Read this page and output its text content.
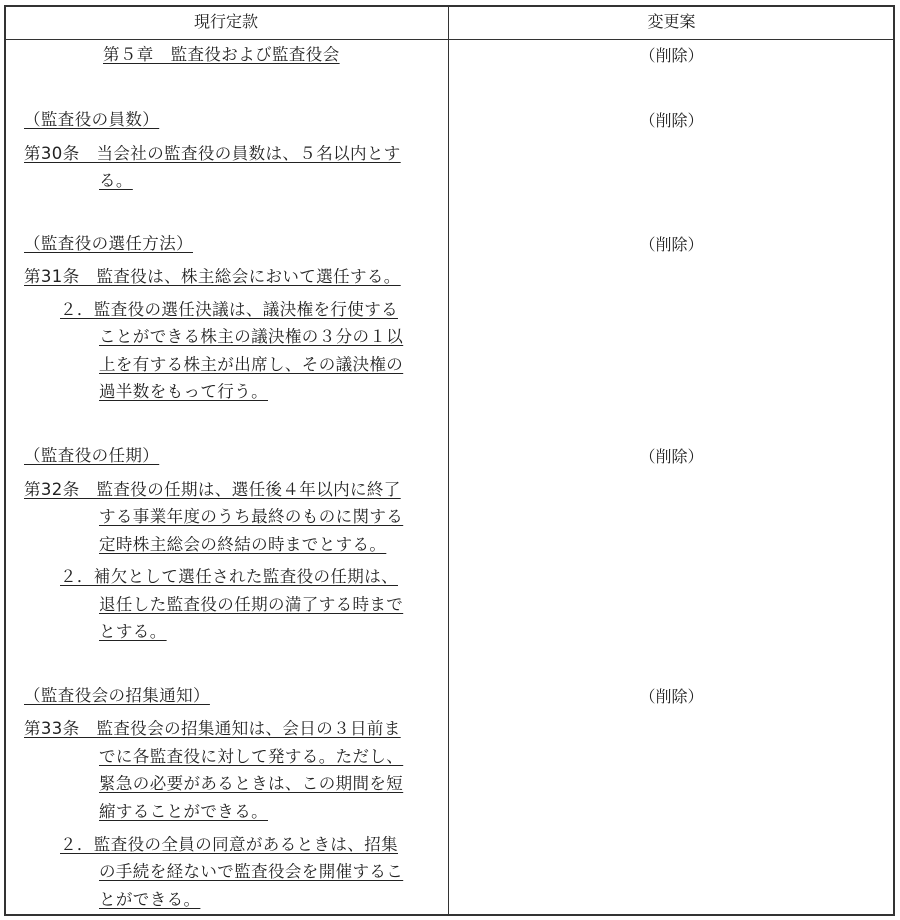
現行定款	変更案
第５章　監査役および監査役会	（削除）
（監査役の員数）
第30条　当会社の監査役の員数は、５名以内とす
る。
（削除）
（監査役の選任方法）
第31条　監査役は、株主総会において選任する。
２．監査役の選任決議は、議決権を行使する
ことができる株主の議決権の３分の１以
上を有する株主が出席し、その議決権の
過半数をもって行う。
（削除）
（監査役の任期）
第32条　監査役の任期は、選任後４年以内に終了
する事業年度のうち最終のものに関する
定時株主総会の終結の時までとする。
２．補欠として選任された監査役の任期は、
退任した監査役の任期の満了する時まで
とする。
（削除）
（監査役会の招集通知）
第33条　監査役会の招集通知は、会日の３日前ま
でに各監査役に対して発する。ただし、
緊急の必要があるときは、この期間を短
縮することができる。
２．監査役の全員の同意があるときは、招集
の手続を経ないで監査役会を開催するこ
とができる。
（削除）
